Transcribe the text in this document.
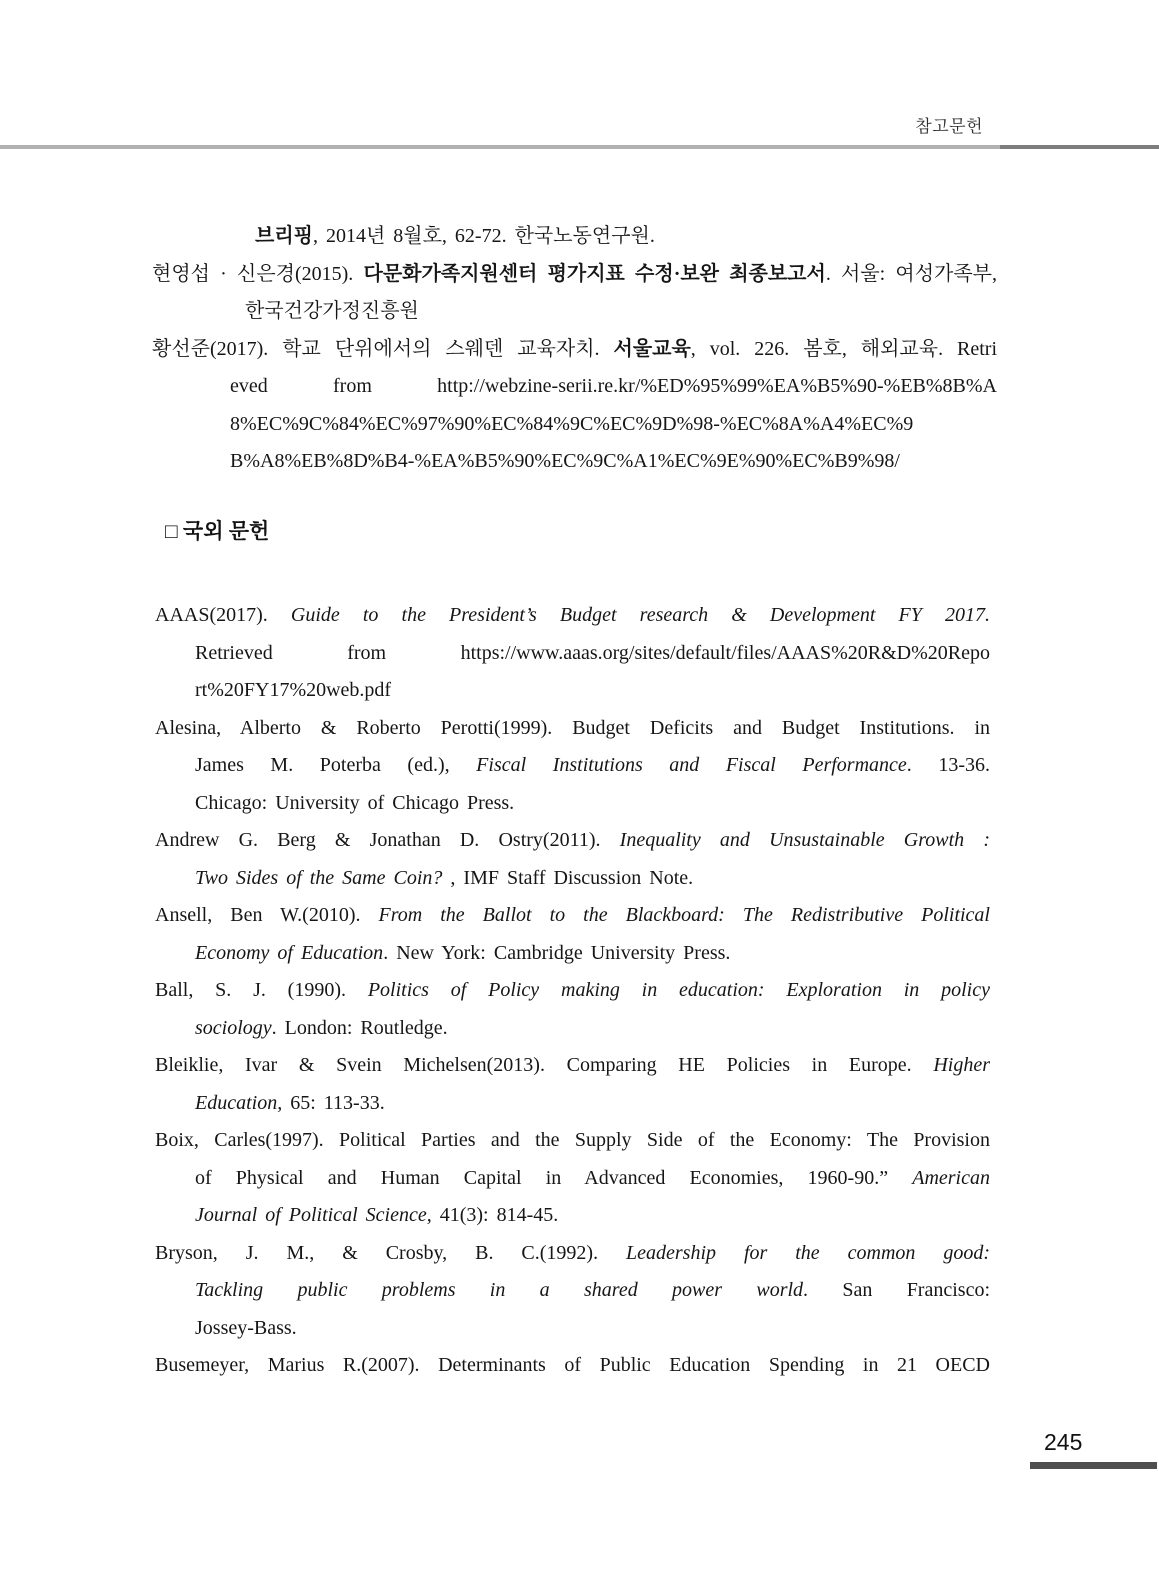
참고문헌
브리핑, 2014년 8월호, 62-72. 한국노동연구원.
현영섭 · 신은경(2015). 다문화가족지원센터 평가지표 수정·보완 최종보고서. 서울: 여성가족부,
한국건강가정진흥원
황선준(2017). 학교 단위에서의 스웨덴 교육자치. 서울교육, vol. 226. 봄호, 해외교육. Retri
eved from http://webzine-serii.re.kr/%ED%95%99%EA%B5%90-%EB%8B%A
8%EC%9C%84%EC%97%90%EC%84%9C%EC%9D%98-%EC%8A%A4%EC%9
B%A8%EB%8D%B4-%EA%B5%90%EC%9C%A1%EC%9E%90%EC%B9%98/
□ 국외 문헌
AAAS(2017). Guide to the President’s Budget research & Development FY 2017.
Retrieved from https://www.aaas.org/sites/default/files/AAAS%20R&D%20Repo
rt%20FY17%20web.pdf
Alesina, Alberto & Roberto Perotti(1999). Budget Deficits and Budget Institutions. in
James M. Poterba (ed.), Fiscal Institutions and Fiscal Performance. 13-36.
Chicago: University of Chicago Press.
Andrew G. Berg & Jonathan D. Ostry(2011). Inequality and Unsustainable Growth :
Two Sides of the Same Coin? , IMF Staff Discussion Note.
Ansell, Ben W.(2010). From the Ballot to the Blackboard: The Redistributive Political
Economy of Education. New York: Cambridge University Press.
Ball, S. J. (1990). Politics of Policy making in education: Exploration in policy
sociology. London: Routledge.
Bleiklie, Ivar & Svein Michelsen(2013). Comparing HE Policies in Europe. Higher
Education, 65: 113-33.
Boix, Carles(1997). Political Parties and the Supply Side of the Economy: The Provision
of Physical and Human Capital in Advanced Economies, 1960-90.” American
Journal of Political Science, 41(3): 814-45.
Bryson, J. M., & Crosby, B. C.(1992). Leadership for the common good:
Tackling public problems in a shared power world. San Francisco:
Jossey-Bass.
Busemeyer, Marius R.(2007). Determinants of Public Education Spending in 21 OECD
245
